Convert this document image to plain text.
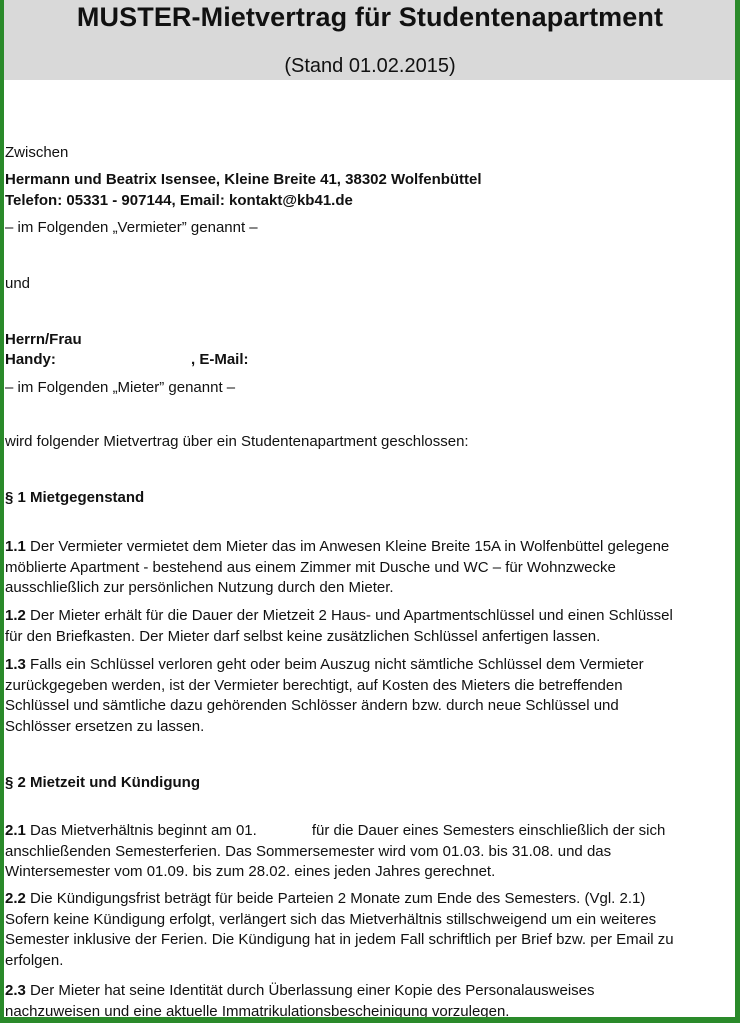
MUSTER-Mietvertrag für Studentenapartment
(Stand 01.02.2015)
Zwischen
Hermann und Beatrix Isensee, Kleine Breite 41, 38302 Wolfenbüttel
Telefon: 05331 - 907144, Email: kontakt@kb41.de
– im Folgenden „Vermieter” genannt –
und
Herrn/Frau
Handy:	, E-Mail:
– im Folgenden „Mieter” genannt –
wird folgender Mietvertrag über ein Studentenapartment geschlossen:
§ 1 Mietgegenstand
1.1 Der Vermieter vermietet dem Mieter das im Anwesen Kleine Breite 15A in Wolfenbüttel gelegene
möblierte Apartment - bestehend aus einem Zimmer mit Dusche und WC – für Wohnzwecke
ausschließlich zur persönlichen Nutzung durch den Mieter.
1.2 Der Mieter erhält für die Dauer der Mietzeit 2 Haus- und Apartmentschlüssel und einen Schlüssel
für den Briefkasten. Der Mieter darf selbst keine zusätzlichen Schlüssel anfertigen lassen.
1.3 Falls ein Schlüssel verloren geht oder beim Auszug nicht sämtliche Schlüssel dem Vermieter
zurückgegeben werden, ist der Vermieter berechtigt, auf Kosten des Mieters die betreffenden
Schlüssel und sämtliche dazu gehörenden Schlösser ändern bzw. durch neue Schlüssel und
Schlösser ersetzen zu lassen.
§ 2 Mietzeit und Kündigung
2.1 Das Mietverhältnis beginnt am 01.	für die Dauer eines Semesters einschließlich der sich
anschließenden Semesterferien. Das Sommersemester wird vom 01.03. bis 31.08. und das
Wintersemester vom 01.09. bis zum 28.02. eines jeden Jahres gerechnet.
2.2 Die Kündigungsfrist beträgt für beide Parteien 2 Monate zum Ende des Semesters. (Vgl. 2.1)
Sofern keine Kündigung erfolgt, verlängert sich das Mietverhältnis stillschweigend um ein weiteres
Semester inklusive der Ferien. Die Kündigung hat in jedem Fall schriftlich per Brief bzw. per Email zu
erfolgen.
2.3 Der Mieter hat seine Identität durch Überlassung einer Kopie des Personalausweises
nachzuweisen und eine aktuelle Immatrikulationsbescheinigung vorzulegen.
